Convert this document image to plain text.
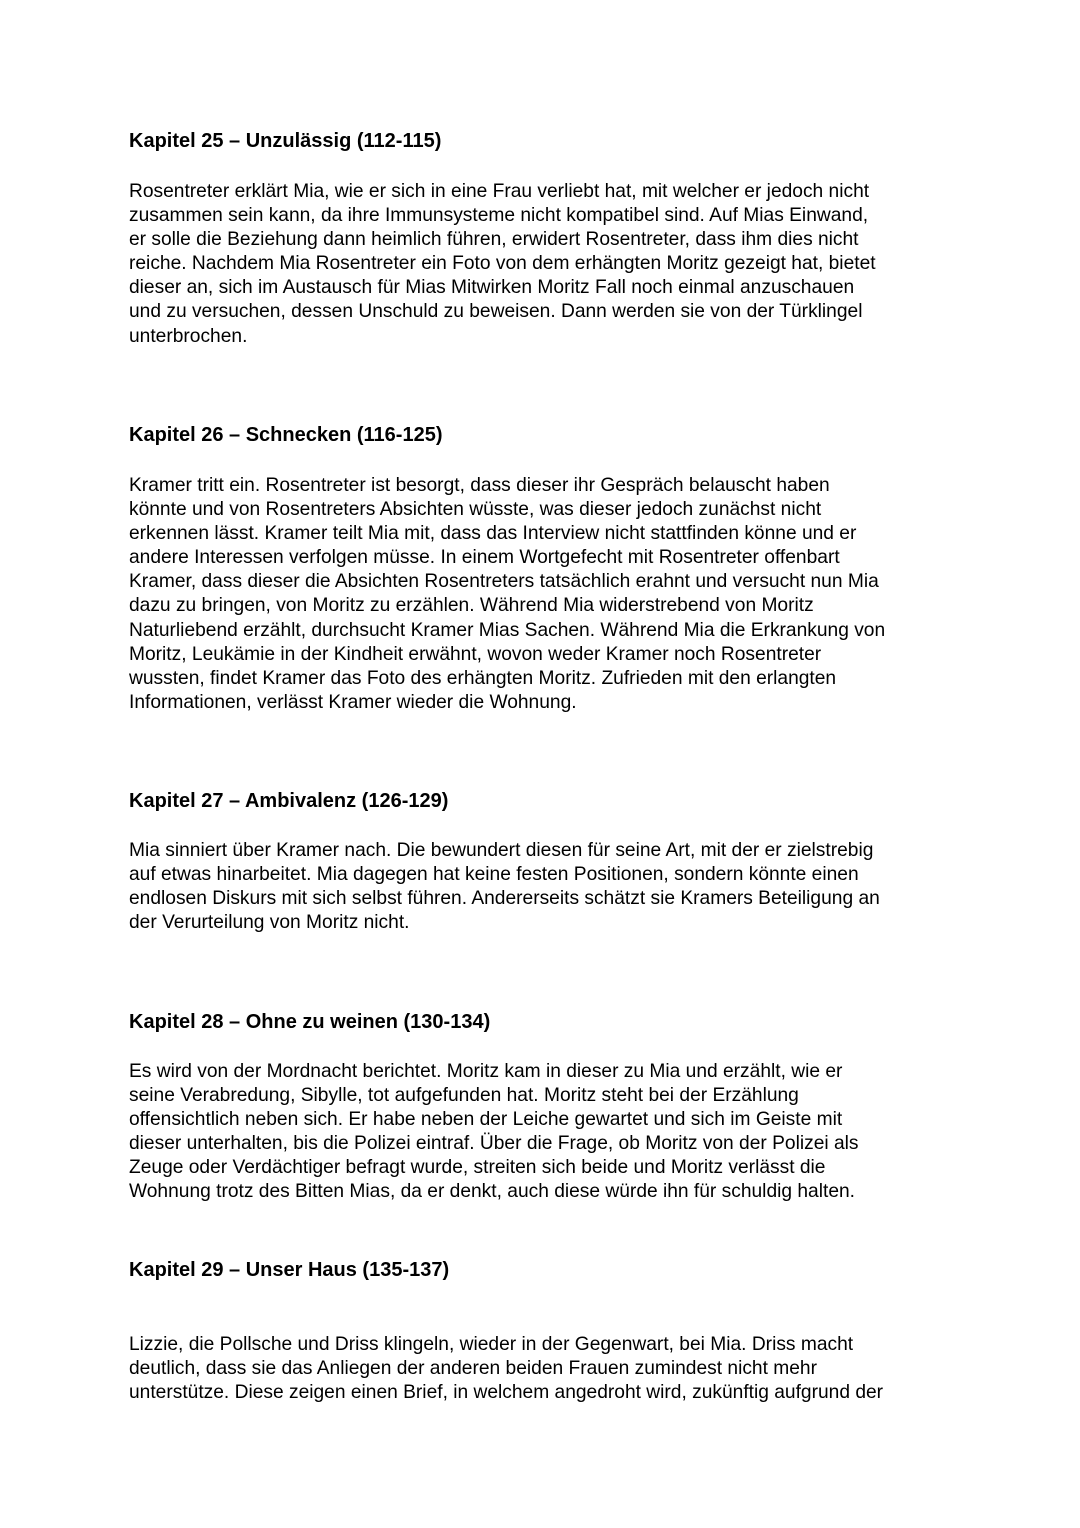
Kapitel 25 – Unzulässig (112-115)

Rosentreter erklärt Mia, wie er sich in eine Frau verliebt hat, mit welcher er jedoch nicht
zusammen sein kann, da ihre Immunsysteme nicht kompatibel sind. Auf Mias Einwand,
er solle die Beziehung dann heimlich führen, erwidert Rosentreter, dass ihm dies nicht
reiche. Nachdem Mia Rosentreter ein Foto von dem erhängten Moritz gezeigt hat, bietet
dieser an, sich im Austausch für Mias Mitwirken Moritz Fall noch einmal anzuschauen
und zu versuchen, dessen Unschuld zu beweisen. Dann werden sie von der Türklingel
unterbrochen.

Kapitel 26 – Schnecken (116-125)

Kramer tritt ein. Rosentreter ist besorgt, dass dieser ihr Gespräch belauscht haben
könnte und von Rosentreters Absichten wüsste, was dieser jedoch zunächst nicht
erkennen lässt. Kramer teilt Mia mit, dass das Interview nicht stattfinden könne und er
andere Interessen verfolgen müsse. In einem Wortgefecht mit Rosentreter offenbart
Kramer, dass dieser die Absichten Rosentreters tatsächlich erahnt und versucht nun Mia
dazu zu bringen, von Moritz zu erzählen. Während Mia widerstrebend von Moritz
Naturliebend erzählt, durchsucht Kramer Mias Sachen. Während Mia die Erkrankung von
Moritz, Leukämie in der Kindheit erwähnt, wovon weder Kramer noch Rosentreter
wussten, findet Kramer das Foto des erhängten Moritz. Zufrieden mit den erlangten
Informationen, verlässt Kramer wieder die Wohnung.

Kapitel 27 – Ambivalenz (126-129)

Mia sinniert über Kramer nach. Die bewundert diesen für seine Art, mit der er zielstrebig
auf etwas hinarbeitet. Mia dagegen hat keine festen Positionen, sondern könnte einen
endlosen Diskurs mit sich selbst führen. Andererseits schätzt sie Kramers Beteiligung an
der Verurteilung von Moritz nicht.

Kapitel 28 – Ohne zu weinen (130-134)

Es wird von der Mordnacht berichtet. Moritz kam in dieser zu Mia und erzählt, wie er
seine Verabredung, Sibylle, tot aufgefunden hat. Moritz steht bei der Erzählung
offensichtlich neben sich. Er habe neben der Leiche gewartet und sich im Geiste mit
dieser unterhalten, bis die Polizei eintraf. Über die Frage, ob Moritz von der Polizei als
Zeuge oder Verdächtiger befragt wurde, streiten sich beide und Moritz verlässt die
Wohnung trotz des Bitten Mias, da er denkt, auch diese würde ihn für schuldig halten.

Kapitel 29 – Unser Haus (135-137)

Lizzie, die Pollsche und Driss klingeln, wieder in der Gegenwart, bei Mia. Driss macht
deutlich, dass sie das Anliegen der anderen beiden Frauen zumindest nicht mehr
unterstütze. Diese zeigen einen Brief, in welchem angedroht wird, zukünftig aufgrund der
